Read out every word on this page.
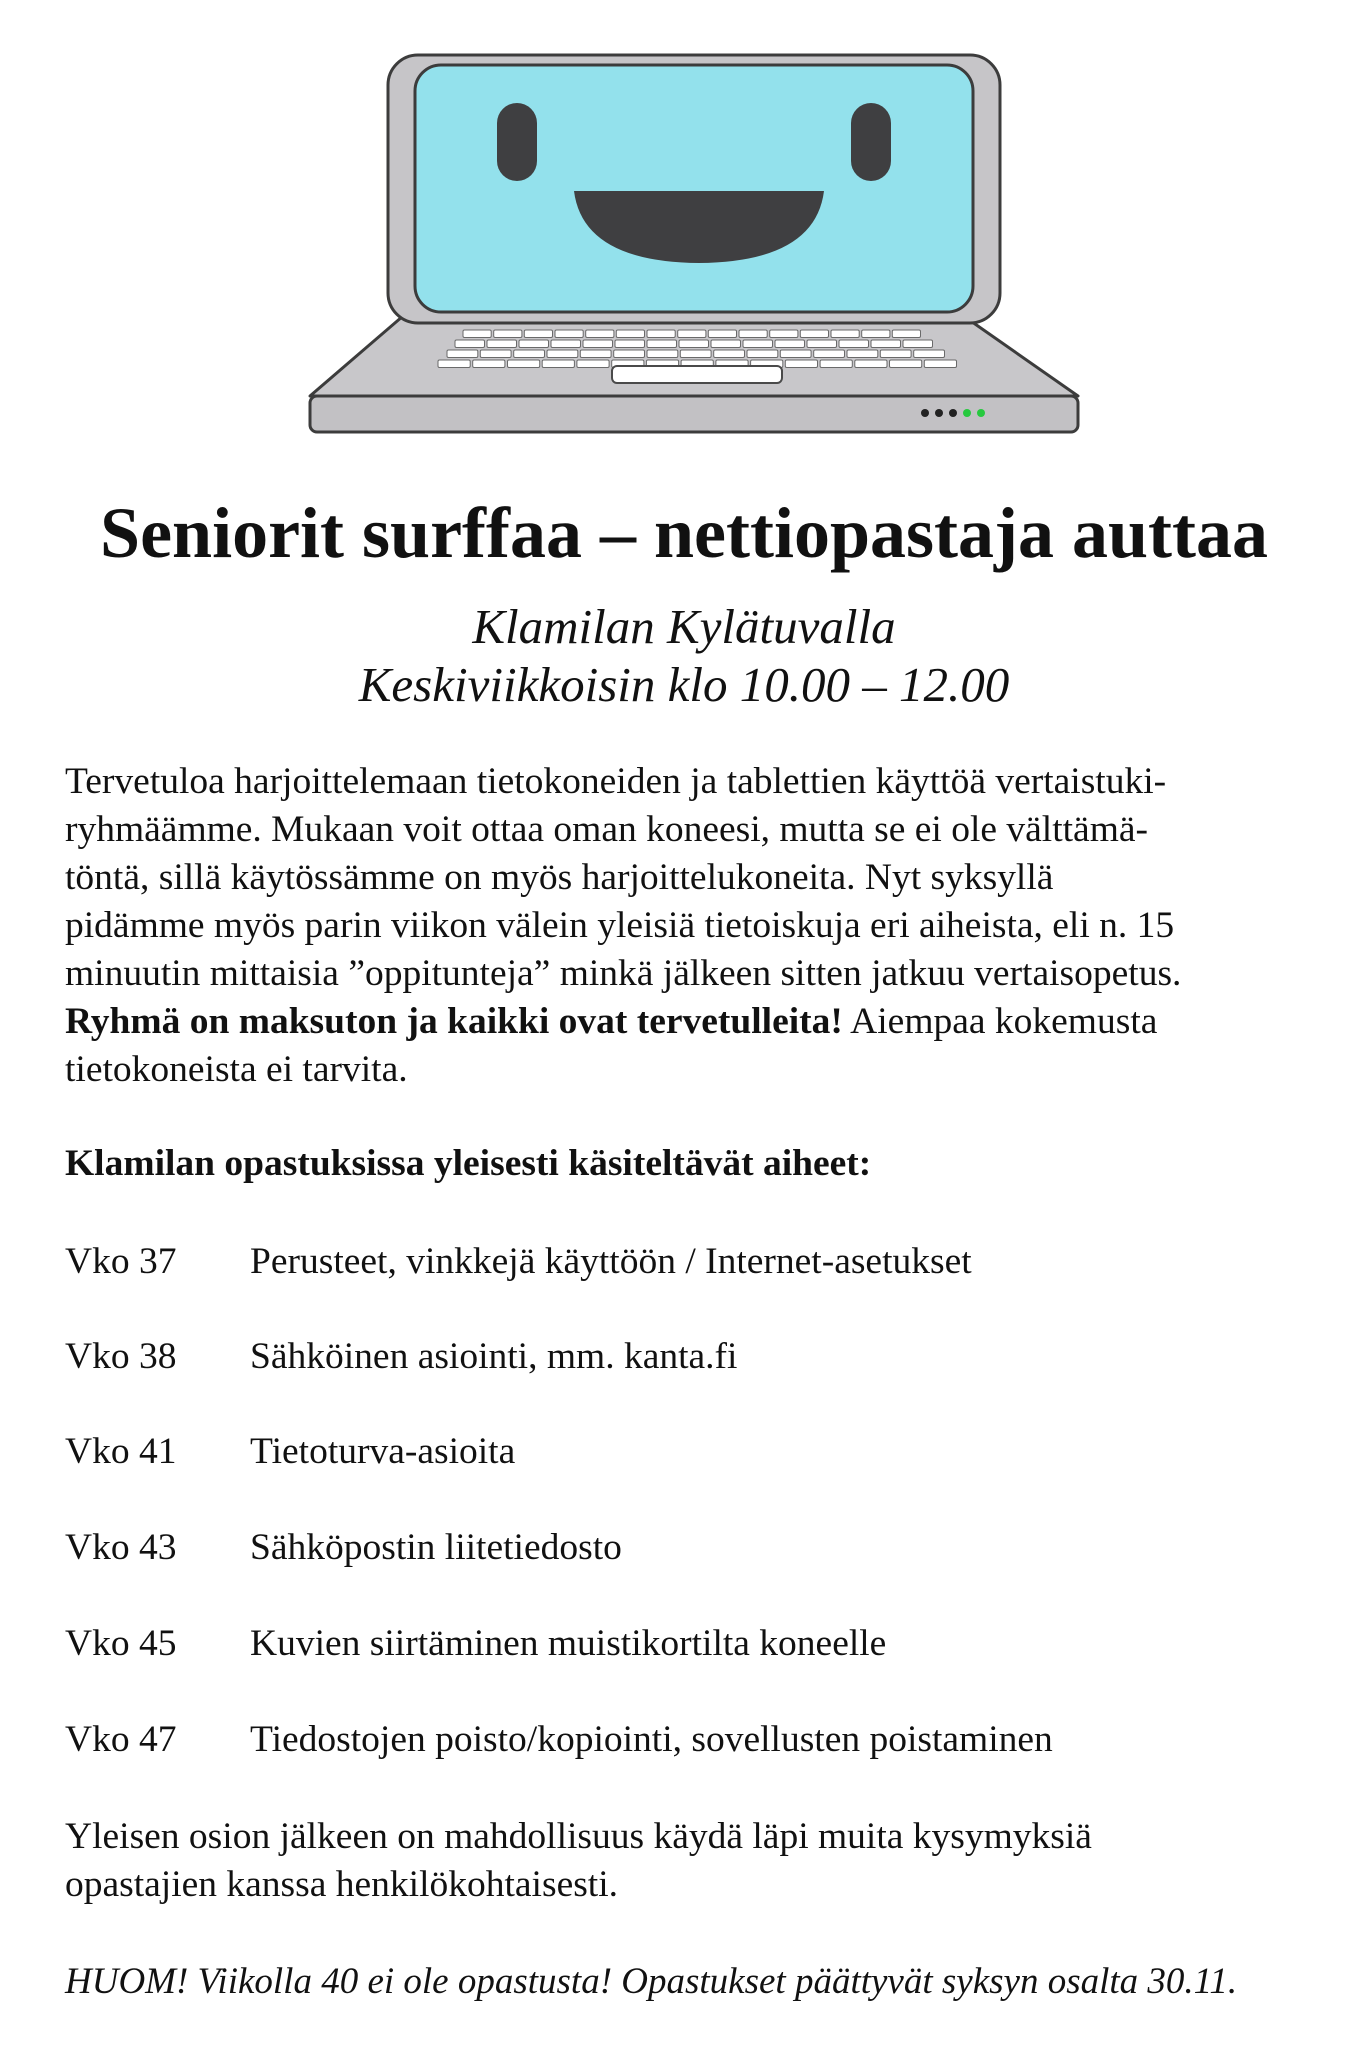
Seniorit surffaa – nettiopastaja auttaa
Klamilan Kylätuvalla
Keskiviikkoisin klo 10.00 – 12.00

Tervetuloa harjoittelemaan tietokoneiden ja tablettien käyttöä vertaistuki-
ryhmäämme. Mukaan voit ottaa oman koneesi, mutta se ei ole välttämä-
töntä, sillä käytössämme on myös harjoittelukoneita. Nyt syksyllä
pidämme myös parin viikon välein yleisiä tietoiskuja eri aiheista, eli n. 15
minuutin mittaisia ”oppitunteja” minkä jälkeen sitten jatkuu vertaisopetus.
Ryhmä on maksuton ja kaikki ovat tervetulleita! Aiempaa kokemusta
tietokoneista ei tarvita.

Klamilan opastuksissa yleisesti käsiteltävät aiheet:
Vko 37 Perusteet, vinkkejä käyttöön / Internet-asetukset
Vko 38 Sähköinen asiointi, mm. kanta.fi
Vko 41 Tietoturva-asioita
Vko 43 Sähköpostin liitetiedosto
Vko 45 Kuvien siirtäminen muistikortilta koneelle
Vko 47 Tiedostojen poisto/kopiointi, sovellusten poistaminen

Yleisen osion jälkeen on mahdollisuus käydä läpi muita kysymyksiä
opastajien kanssa henkilökohtaisesti.

HUOM! Viikolla 40 ei ole opastusta! Opastukset päättyvät syksyn osalta 30.11.
